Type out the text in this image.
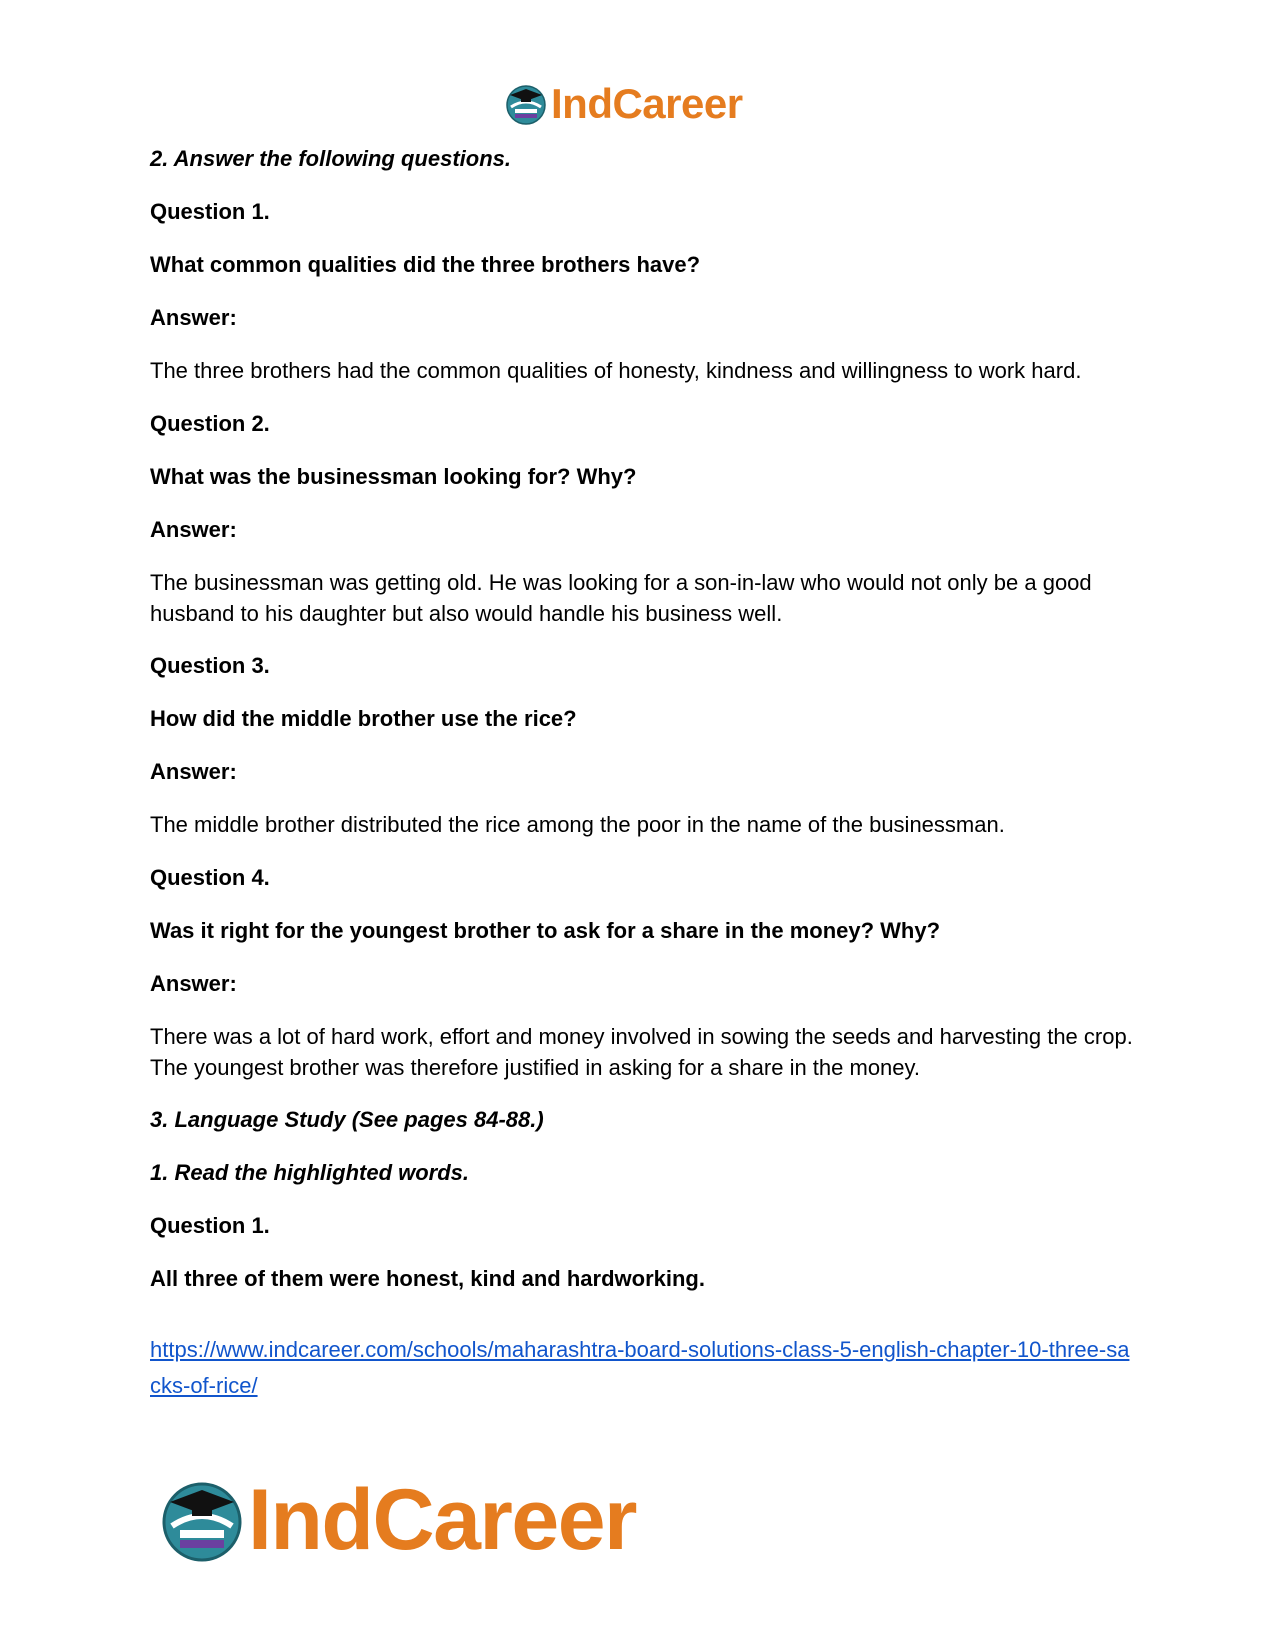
IndCareer
2. Answer the following questions.
Question 1.
What common qualities did the three brothers have?
Answer:
The three brothers had the common qualities of honesty, kindness and willingness to work hard.
Question 2.
What was the businessman looking for? Why?
Answer:
The businessman was getting old. He was looking for a son-in-law who would not only be a good husband to his daughter but also would handle his business well.
Question 3.
How did the middle brother use the rice?
Answer:
The middle brother distributed the rice among the poor in the name of the businessman.
Question 4.
Was it right for the youngest brother to ask for a share in the money? Why?
Answer:
There was a lot of hard work, effort and money involved in sowing the seeds and harvesting the crop. The youngest brother was therefore justified in asking for a share in the money.
3. Language Study (See pages 84-88.)
1. Read the highlighted words.
Question 1.
All three of them were honest, kind and hardworking.
https://www.indcareer.com/schools/maharashtra-board-solutions-class-5-english-chapter-10-three-sacks-of-rice/
IndCareer
